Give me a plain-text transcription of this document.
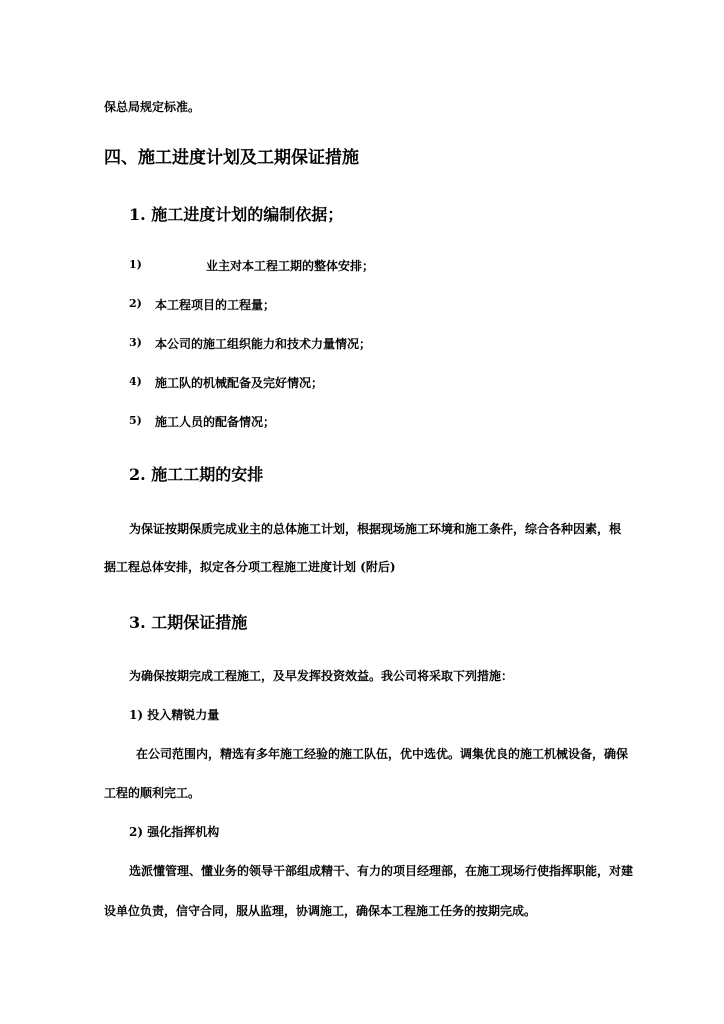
保总局规定标准。
四、施工进度计划及工期保证措施
1. 施工进度计划的编制依据；
1)	业主对本工程工期的整体安排；
2) 本工程项目的工程量；
3) 本公司的施工组织能力和技术力量情况；
4) 施工队的机械配备及完好情况；
5) 施工人员的配备情况；
2. 施工工期的安排
为保证按期保质完成业主的总体施工计划，根据现场施工环境和施工条件，综合各种因素，根
据工程总体安排，拟定各分项工程施工进度计划 (附后)
3. 工期保证措施
为确保按期完成工程施工，及早发挥投资效益。我公司将采取下列措施：
1) 投入精锐力量
在公司范围内，精选有多年施工经验的施工队伍，优中选优。调集优良的施工机械设备，确保
工程的顺利完工。
2) 强化指挥机构
选派懂管理、懂业务的领导干部组成精干、有力的项目经理部，在施工现场行使指挥职能，对建
设单位负责，信守合同，服从监理，协调施工，确保本工程施工任务的按期完成。
